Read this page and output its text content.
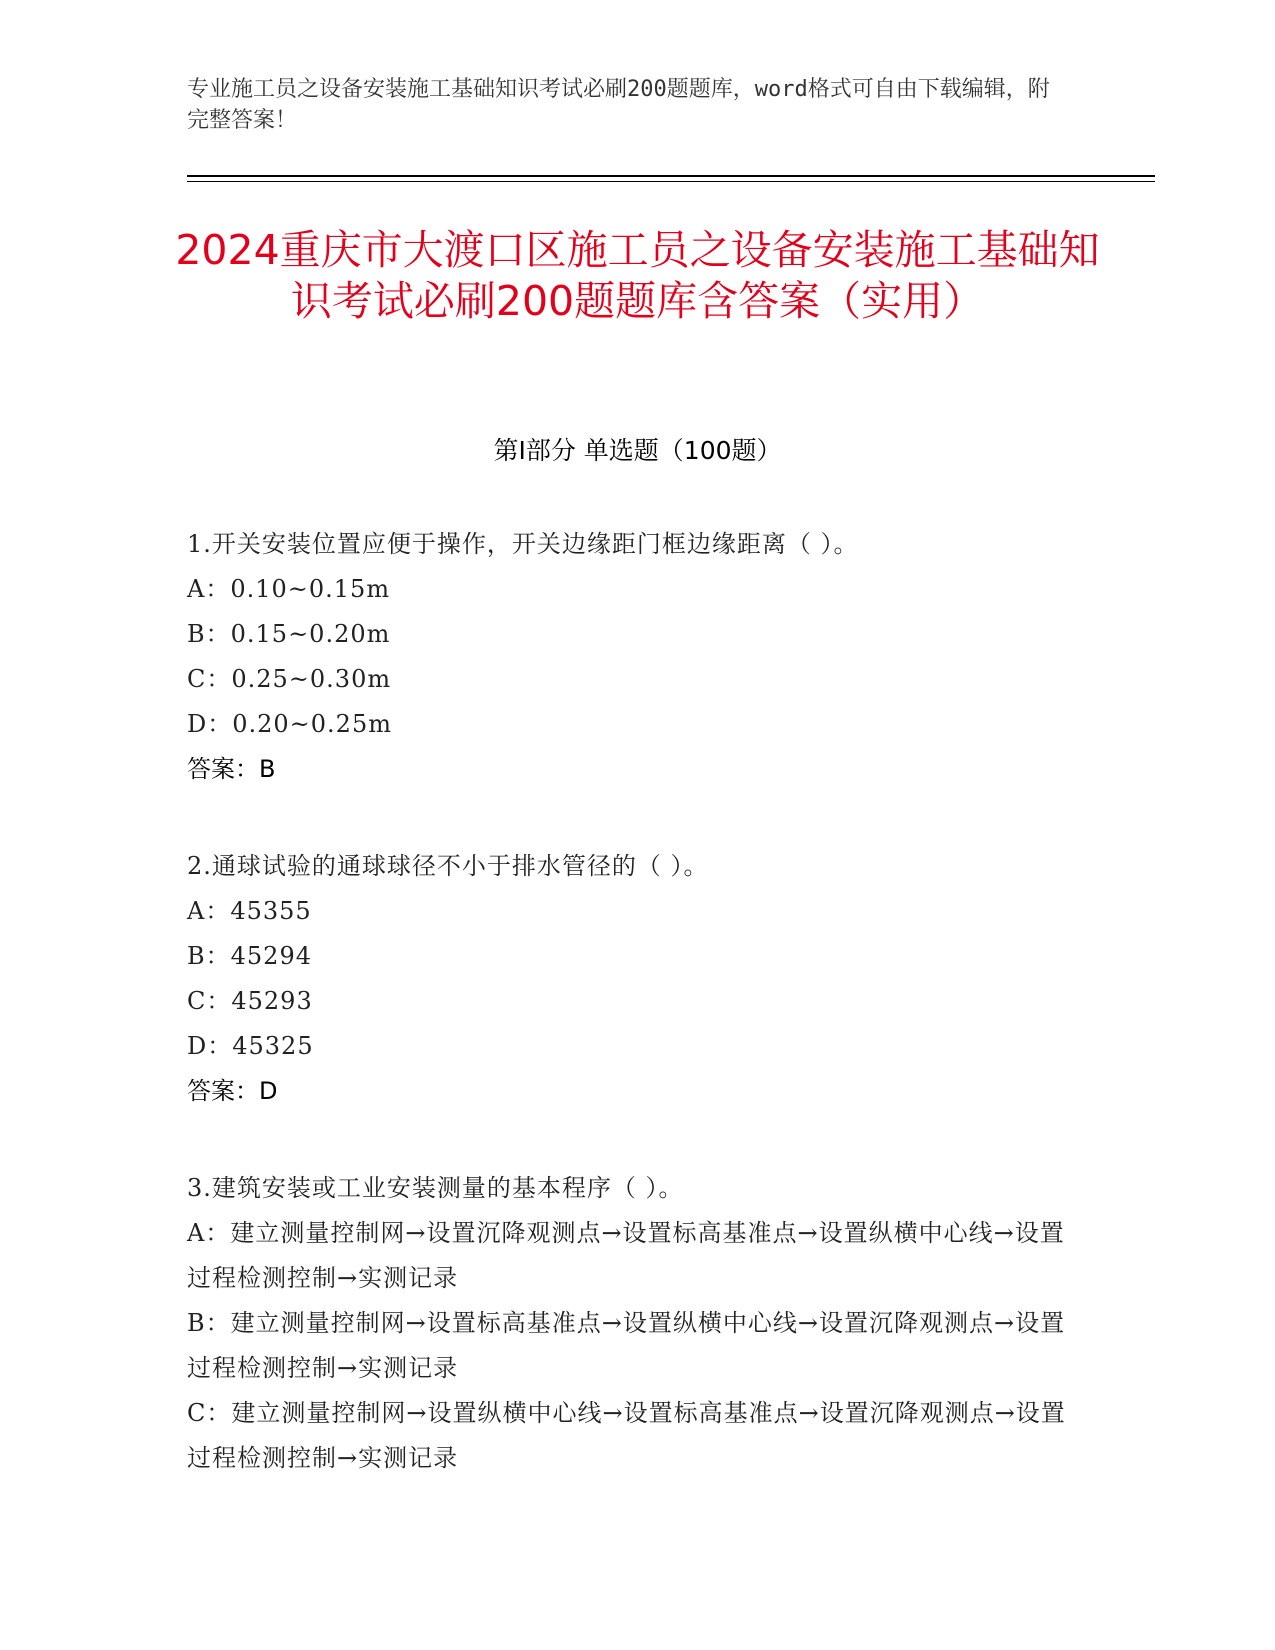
专业施工员之设备安装施工基础知识考试必刷200题题库，word格式可自由下载编辑，附完整答案！
2024重庆市大渡口区施工员之设备安装施工基础知识考试必刷200题题库含答案（实用）
第I部分 单选题（100题）
1.开关安装位置应便于操作，开关边缘距门框边缘距离（ ）。
A：0.10~0.15m
B：0.15~0.20m
C：0.25~0.30m
D：0.20~0.25m
答案：B
2.通球试验的通球球径不小于排水管径的（ ）。
A：45355
B：45294
C：45293
D：45325
答案：D
3.建筑安装或工业安装测量的基本程序（ ）。
A：建立测量控制网→设置沉降观测点→设置标高基准点→设置纵横中心线→设置过程检测控制→实测记录
B：建立测量控制网→设置标高基准点→设置纵横中心线→设置沉降观测点→设置过程检测控制→实测记录
C：建立测量控制网→设置纵横中心线→设置标高基准点→设置沉降观测点→设置过程检测控制→实测记录
